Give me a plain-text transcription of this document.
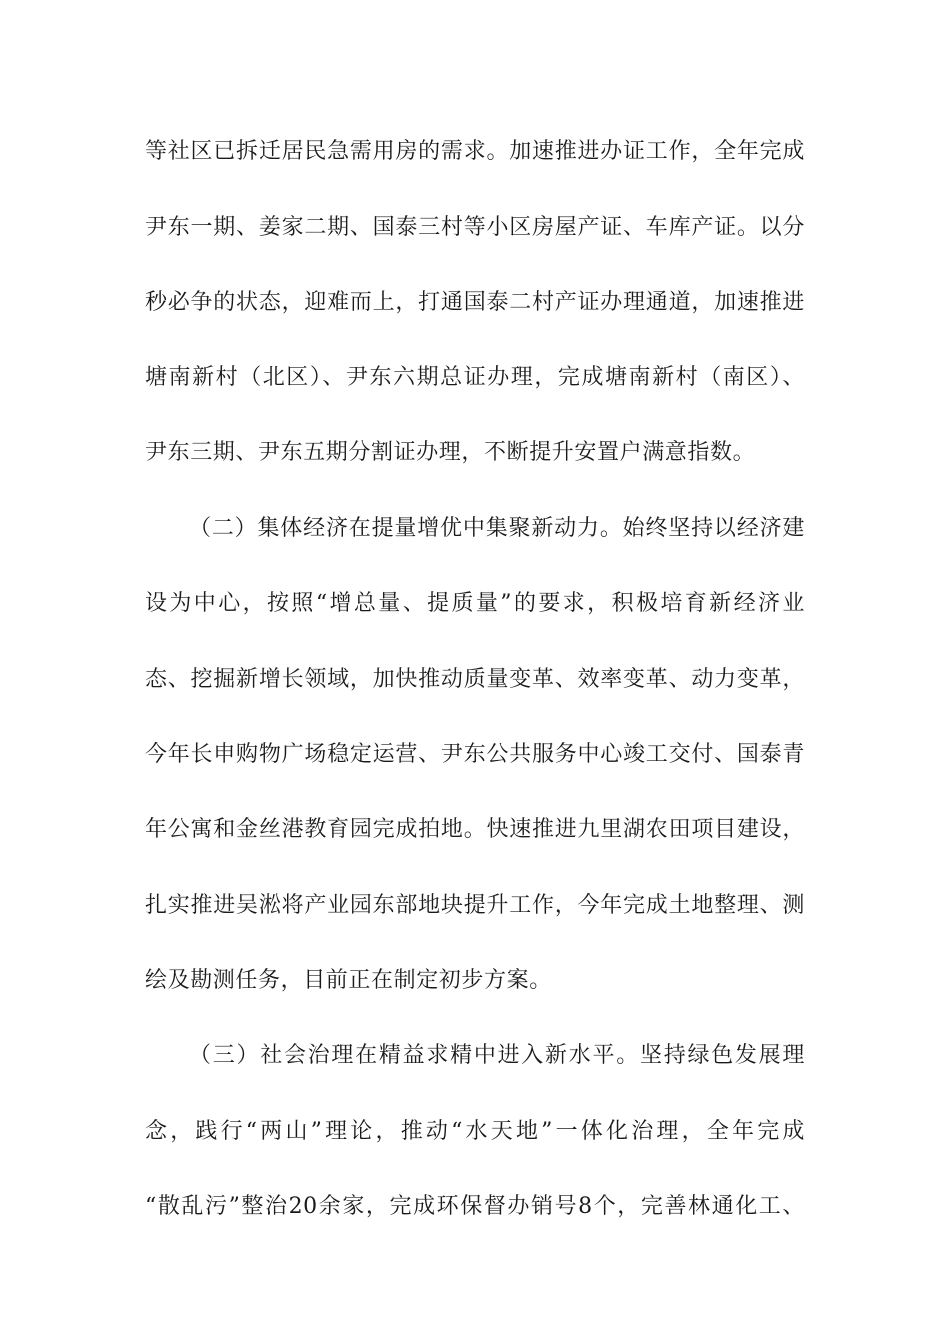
等社区已拆迁居民急需用房的需求。加速推进办证工作，全年完成
尹东一期、姜家二期、国泰三村等小区房屋产证、车库产证。以分
秒必争的状态，迎难而上，打通国泰二村产证办理通道，加速推进
塘南新村（北区）、尹东六期总证办理，完成塘南新村（南区）、
尹东三期、尹东五期分割证办理，不断提升安置户满意指数。
（二）集体经济在提量增优中集聚新动力。始终坚持以经济建
设为中心，按照“增总量、提质量”的要求，积极培育新经济业
态、挖掘新增长领域，加快推动质量变革、效率变革、动力变革，
今年长申购物广场稳定运营、尹东公共服务中心竣工交付、国泰青
年公寓和金丝港教育园完成拍地。快速推进九里湖农田项目建设，
扎实推进吴淞将产业园东部地块提升工作，今年完成土地整理、测
绘及勘测任务，目前正在制定初步方案。
（三）社会治理在精益求精中进入新水平。坚持绿色发展理
念，践行“两山”理论，推动“水天地”一体化治理，全年完成
“散乱污”整治20余家，完成环保督办销号8个，完善林通化工、
